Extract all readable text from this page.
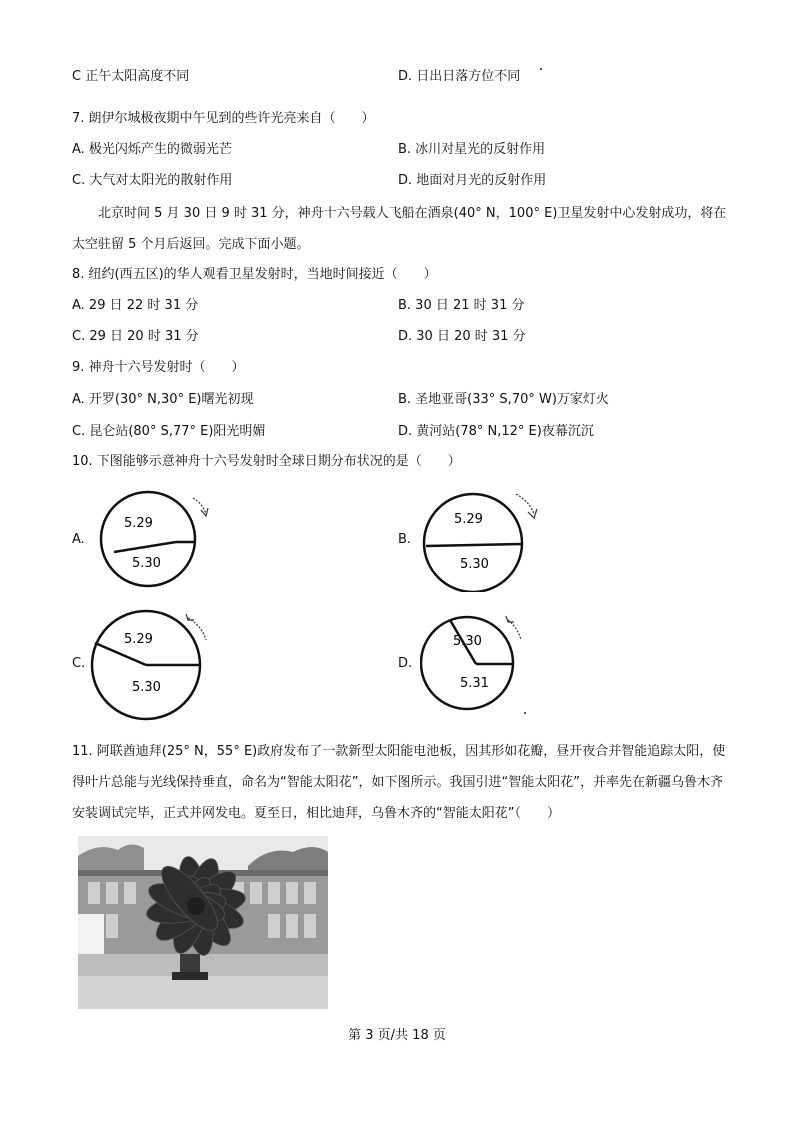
C 正午太阳高度不同	D. 日出日落方位不同
7. 朗伊尔城极夜期中午见到的些许光亮来自（　　）
A. 极光闪烁产生的微弱光芒	B. 冰川对星光的反射作用
C. 大气对太阳光的散射作用	D. 地面对月光的反射作用
北京时间 5 月 30 日 9 时 31 分，神舟十六号载人飞船在酒泉(40° N，100° E)卫星发射中心发射成功，将在太空驻留 5 个月后返回。完成下面小题。
8. 纽约(西五区)的华人观看卫星发射时，当地时间接近（　　）
A. 29 日 22 时 31 分	B. 30 日 21 时 31 分
C. 29 日 20 时 31 分	D. 30 日 20 时 31 分
9. 神舟十六号发射时（　　）
A. 开罗(30° N,30° E)曙光初现	B. 圣地亚哥(33° S,70° W)万家灯火
C. 昆仑站(80° S,77° E)阳光明媚	D. 黄河站(78° N,12° E)夜幕沉沉
10. 下图能够示意神舟十六号发射时全球日期分布状况的是（　　）
A.
5.29
5.30
B.
5.29
5.30
C.
5.29
5.30
D.
5.30
5.31
11. 阿联酋迪拜(25° N，55° E)政府发布了一款新型太阳能电池板，因其形如花瓣，昼开夜合并智能追踪太阳，使得叶片总能与光线保持垂直，命名为“智能太阳花”，如下图所示。我国引进“智能太阳花”，并率先在新疆乌鲁木齐安装调试完毕，正式并网发电。夏至日，相比迪拜，乌鲁木齐的“智能太阳花”（　　）
第 3 页/共 18 页
